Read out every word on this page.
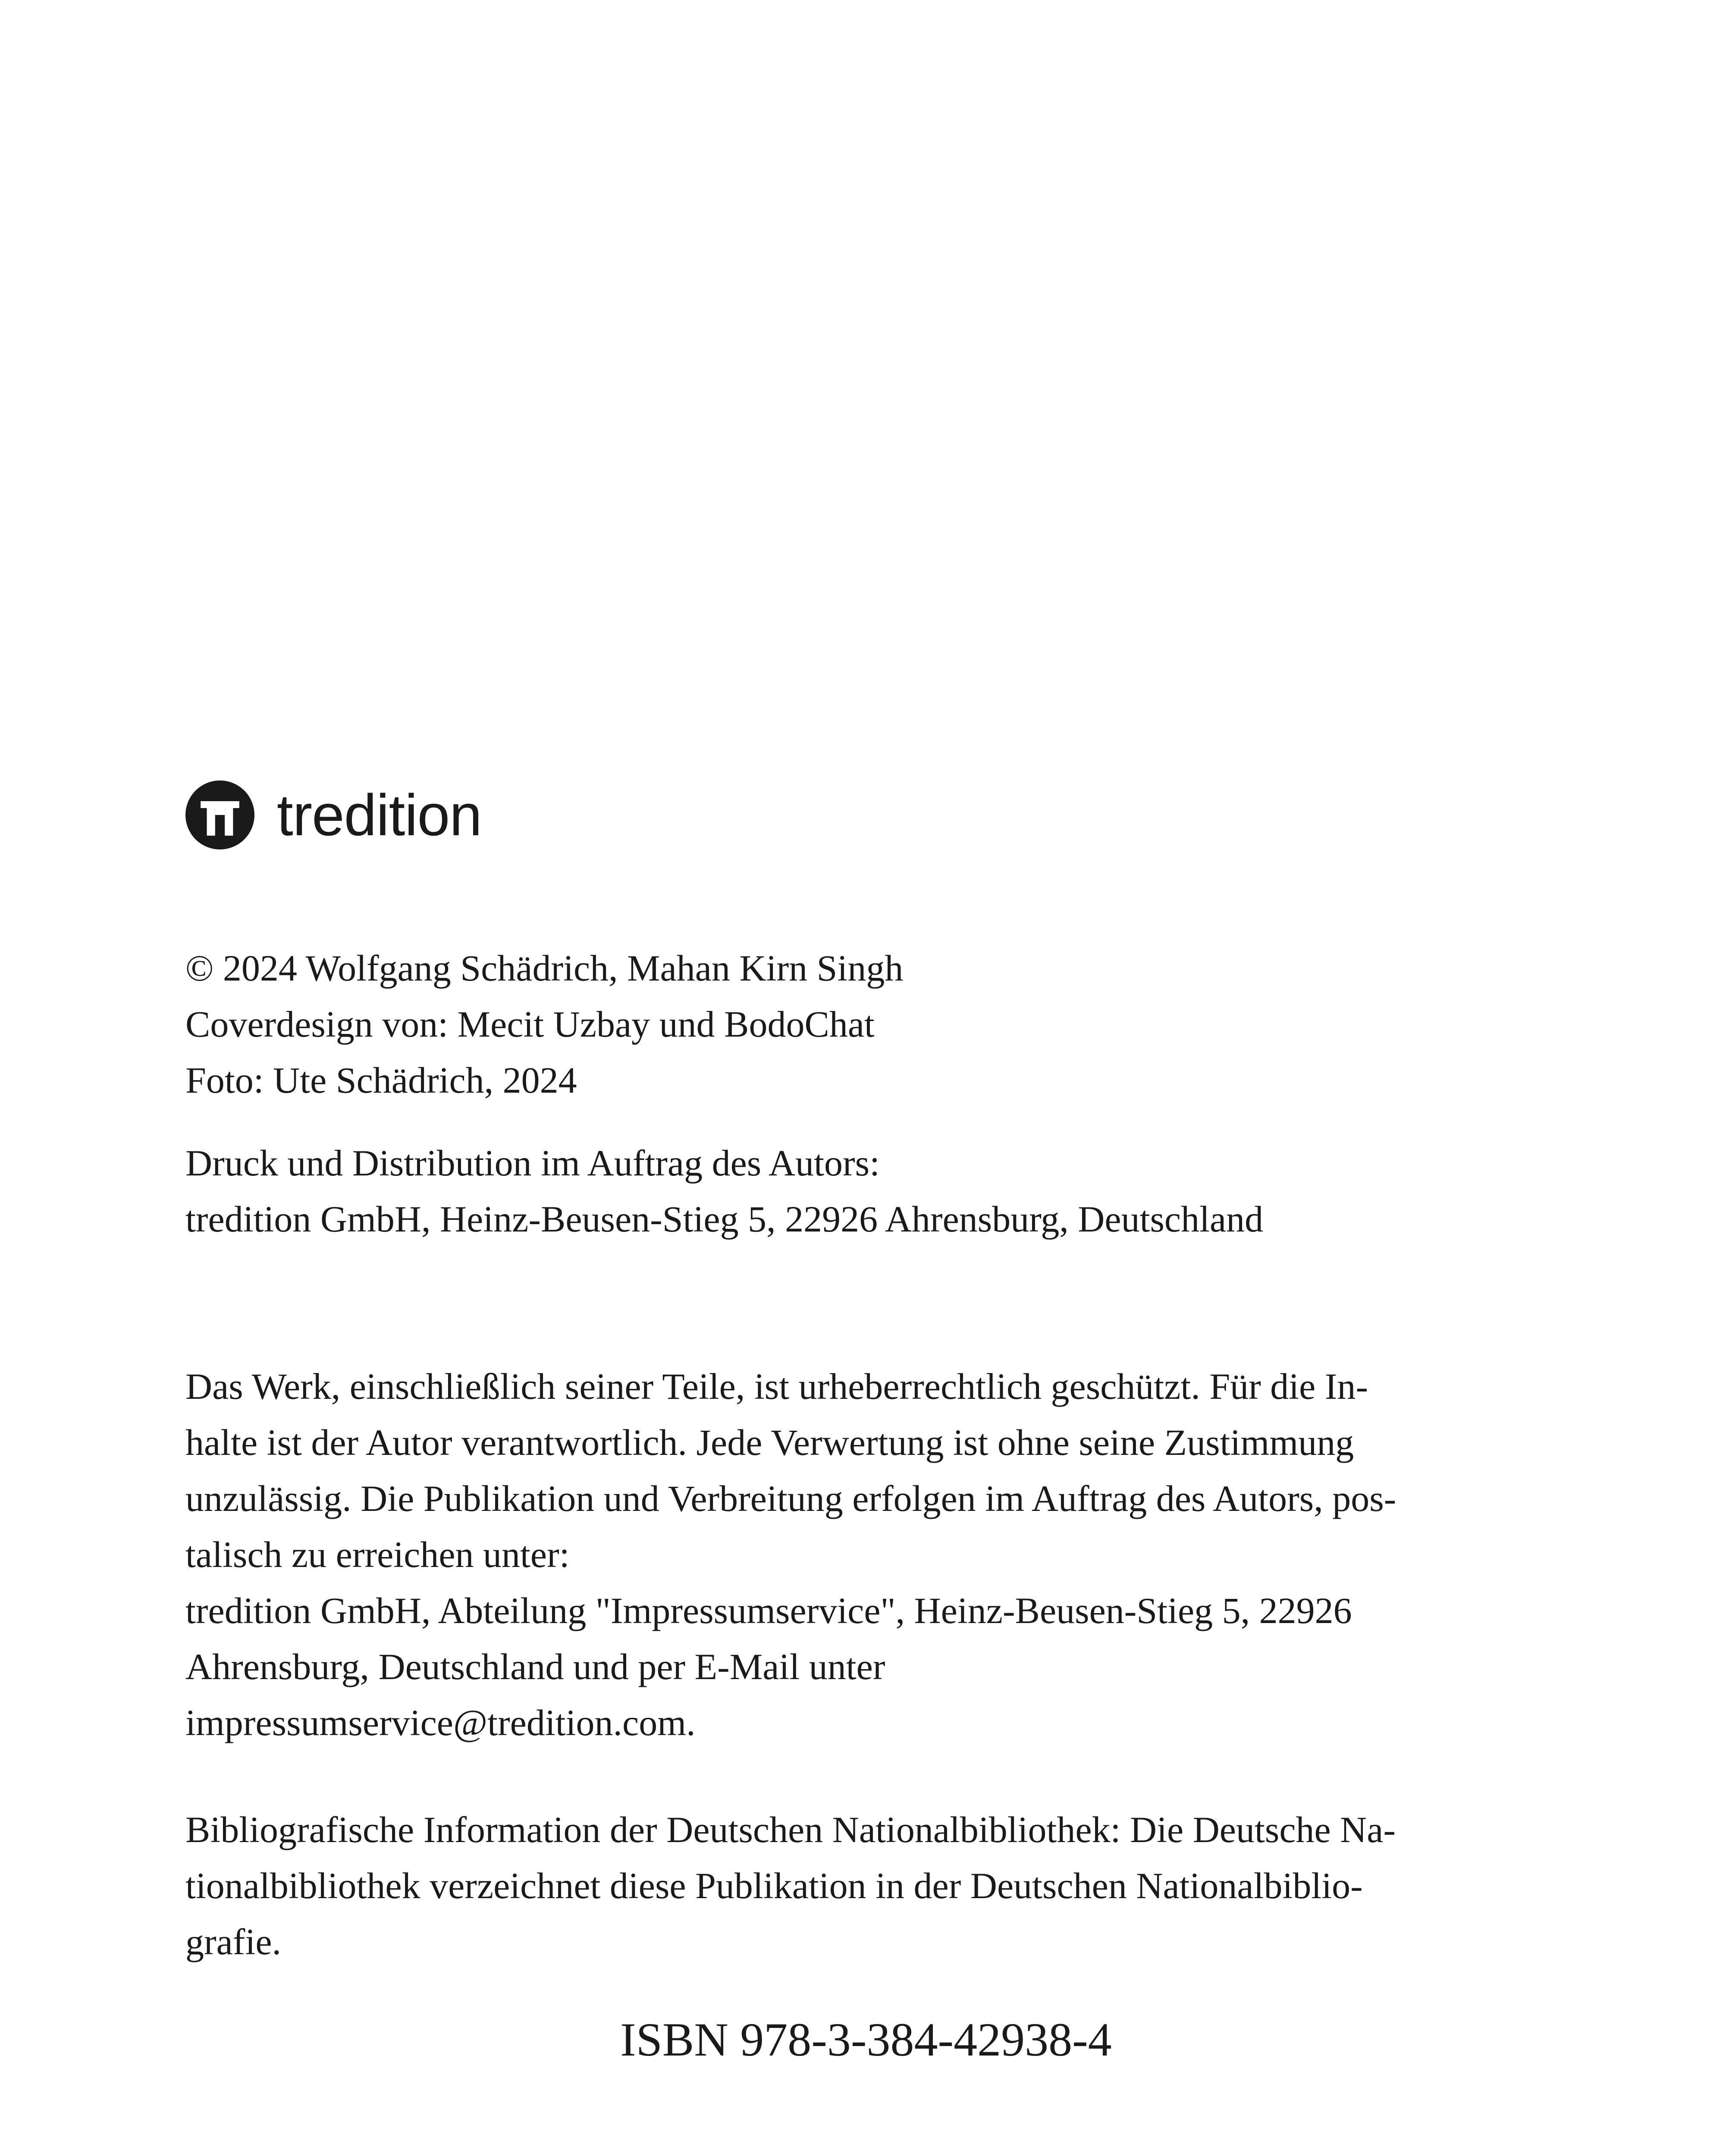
tredition

© 2024 Wolfgang Schädrich, Mahan Kirn Singh

Coverdesign von: Mecit Uzbay und BodoChat

Foto: Ute Schädrich, 2024

Druck und Distribution im Auftrag des Autors:

tredition GmbH, Heinz-Beusen-Stieg 5, 22926 Ahrensburg, Deutschland

Das Werk, einschließlich seiner Teile, ist urheberrechtlich geschützt. Für die In-

halte ist der Autor verantwortlich. Jede Verwertung ist ohne seine Zustimmung

unzulässig. Die Publikation und Verbreitung erfolgen im Auftrag des Autors, pos-

talisch zu erreichen unter:

tredition GmbH, Abteilung "Impressumservice", Heinz-Beusen-Stieg 5, 22926

Ahrensburg, Deutschland und per E-Mail unter

impressumservice@tredition.com.

Bibliografische Information der Deutschen Nationalbibliothek: Die Deutsche Na-

tionalbibliothek verzeichnet diese Publikation in der Deutschen Nationalbiblio-

grafie.

ISBN 978-3-384-42938-4
